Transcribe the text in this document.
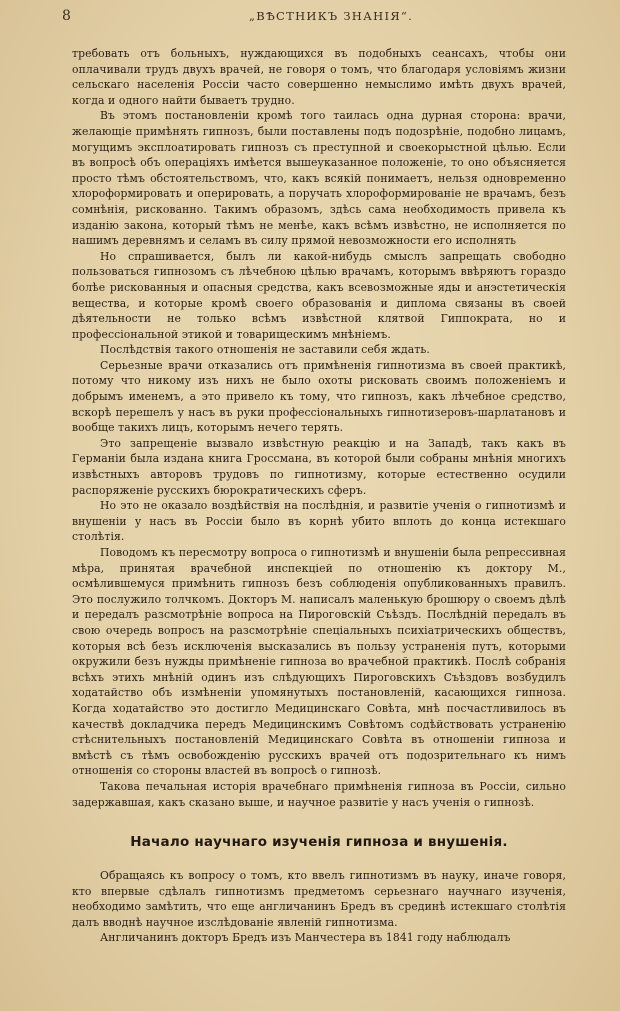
8	„ВѢСТНИКЪ ЗНАНIЯ“.

требовать отъ больныхъ, нуждающихся въ подобныхъ сеансахъ, чтобы они оплачивали трудъ двухъ врачей, не говоря о томъ, что благодаря условiямъ жизни сельскаго населенiя Россiи часто совершенно немыслимо имѣть двухъ врачей, когда и одного найти бываетъ трудно.

Въ этомъ постановленiи кромѣ того таилась одна дурная сторона: врачи, желающiе примѣнять гипнозъ, были поставлены подъ подозрѣнiе, подобно лицамъ, могущимъ эксплоатировать гипнозъ съ преступной и своекорыстной цѣлью. Если въ вопросѣ объ операцiяхъ имѣется вышеуказанное положенiе, то оно объясняется просто тѣмъ обстоятельствомъ, что, какъ всякiй понимаетъ, нельзя одновременно хлороформировать и оперировать, а поручать хлороформированiе не врачамъ, безъ сомнѣнiя, рискованно. Такимъ образомъ, здѣсь сама необходимость привела къ изданiю закона, который тѣмъ не менѣе, какъ всѣмъ извѣстно, не исполняется по нашимъ деревнямъ и селамъ въ силу прямой невозможности его исполнять

Но спрашивается, былъ ли какой-нибудь смыслъ запрещать свободно пользоваться гипнозомъ съ лѣчебною цѣлью врачамъ, которымъ ввѣряютъ гораздо болѣе рискованныя и опасныя средства, какъ всевозможные яды и анэстетическiя вещества, и которые кромѣ своего образованiя и диплома связаны въ своей дѣятельности не только всѣмъ извѣстной клятвой Гиппократа, но и професciональной этикой и товарищескимъ мнѣнiемъ.

Послѣдствiя такого отношенiя не заставили себя ждать.

Серьезные врачи отказались отъ примѣненiя гипнотизма въ своей практикѣ, потому что никому изъ нихъ не было охоты рисковать своимъ положенiемъ и добрымъ именемъ, а это привело къ тому, что гипнозъ, какъ лѣчебное средство, вскорѣ перешелъ у насъ въ руки професciональныхъ гипнотизеровъ-шарлатановъ и вообще такихъ лицъ, которымъ нечего терять.

Это запрещенiе вызвало извѣстную реакцiю и на Западѣ, такъ какъ въ Германiи была издана книга Гроссмана, въ которой были собраны мнѣнiя многихъ извѣстныхъ авторовъ трудовъ по гипнотизму, которые естественно осудили распоряженiе русскихъ бюрократическихъ сферъ.

Но это не оказало воздѣйствiя на послѣднiя, и развитiе ученiя о гипнотизмѣ и внушенiи у насъ въ Россiи было въ корнѣ убито вплоть до конца истекшаго столѣтiя.

Поводомъ къ пересмотру вопроса о гипнотизмѣ и внушенiи была репрессивная мѣра, принятая врачебной инспекцiей по отношенiю къ доктору М., осмѣлившемуся примѣнить гипнозъ безъ соблюденiя опубликованныхъ правилъ. Это послужило толчкомъ. Докторъ М. написалъ маленькую брошюру о своемъ дѣлѣ и передалъ разсмотрѣнiе вопроса на Пироговскiй Съѣздъ. Послѣднiй передалъ въ свою очередь вопросъ на разсмотрѣнiе спецiальныхъ психiатрическихъ обществъ, которыя всѣ безъ исключенiя высказались въ пользу устраненiя путъ, которыми окружили безъ нужды примѣненiе гипноза во врачебной практикѣ. Послѣ собранiя всѣхъ этихъ мнѣнiй одинъ изъ слѣдующихъ Пироговскихъ Съѣздовъ возбудилъ ходатайство объ измѣненiи упомянутыхъ постановленiй, касающихся гипноза. Когда ходатайство это достигло Медицинскаго Совѣта, мнѣ посчастливилось въ качествѣ докладчика передъ Медицинскимъ Совѣтомъ содѣйствовать устраненiю стѣснительныхъ постановленiй Медицинскаго Совѣта въ отношенiи гипноза и вмѣстѣ съ тѣмъ освобожденiю русскихъ врачей отъ подозрительнаго къ нимъ отношенiя со стороны властей въ вопросѣ о гипнозѣ.

Такова печальная исторiя врачебнаго примѣненiя гипноза въ Россiи, сильно задержавшая, какъ сказано выше, и научное развитiе у насъ ученiя о гипнозѣ.

Начало научнаго изученiя гипноза и внушенiя.

Обращаясь къ вопросу о томъ, кто ввелъ гипнотизмъ въ науку, иначе говоря, кто впервые сдѣлалъ гипнотизмъ предметомъ серьезнаго научнаго изученiя, необходимо замѣтить, что еще англичанинъ Бредъ въ срединѣ истекшаго столѣтiя далъ вводнѣ научное изслѣдованiе явленiй гипнотизма.

Англичанинъ докторъ Бредъ изъ Манчестера въ 1841 году наблюдалъ
